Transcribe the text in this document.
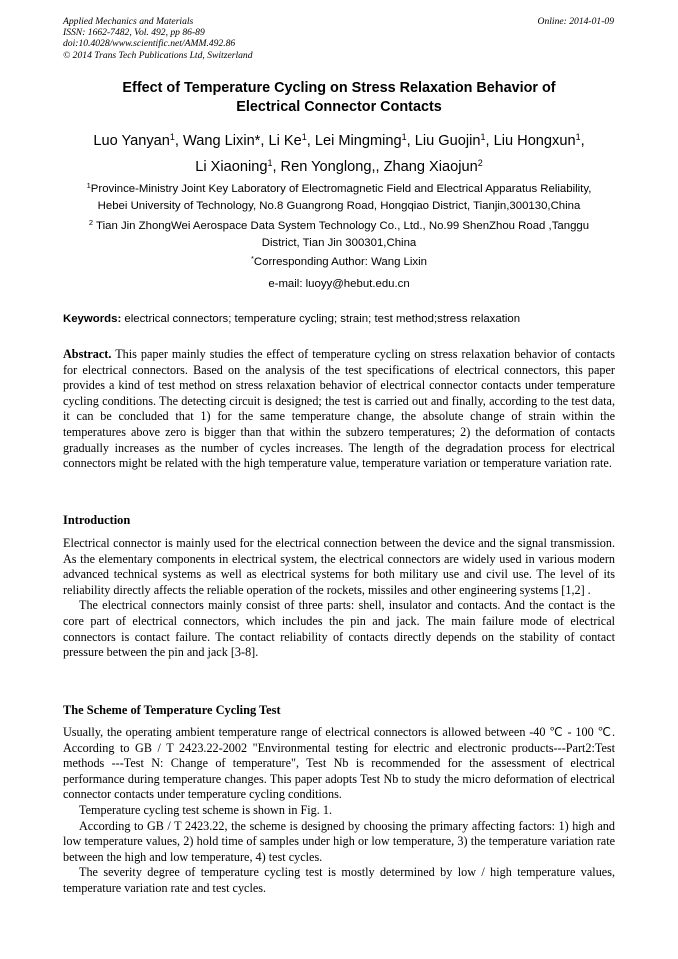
Applied Mechanics and Materials
ISSN: 1662-7482, Vol. 492, pp 86-89
doi:10.4028/www.scientific.net/AMM.492.86
© 2014 Trans Tech Publications Ltd, Switzerland
Online: 2014-01-09
Effect of Temperature Cycling on Stress Relaxation Behavior of
Electrical Connector Contacts
Luo Yanyan$^1$, Wang Lixin*, Li Ke$^1$, Lei Mingming$^1$, Liu Guojin$^1$, Liu Hongxun$^1$,
Li Xiaoning$^1$, Ren Yonglong,, Zhang Xiaojun$^2$
$^1$Province-Ministry Joint Key Laboratory of Electromagnetic Field and Electrical Apparatus Reliability,
Hebei University of Technology, No.8 Guangrong Road, Hongqiao District, Tianjin,300130,China
$^2$ Tian Jin ZhongWei Aerospace Data System Technology Co., Ltd., No.99 ShenZhou Road ,Tanggu
District, Tian Jin 300301,China
*Corresponding Author: Wang Lixin
e-mail: luoyy@hebut.edu.cn
Keywords: electrical connectors; temperature cycling; strain; test method;stress relaxation

Abstract. This paper mainly studies the effect of temperature cycling on stress relaxation behavior of contacts for electrical connectors. Based on the analysis of the test specifications of electrical connectors, this paper provides a kind of test method on stress relaxation behavior of electrical connector contacts under temperature cycling conditions. The detecting circuit is designed; the test is carried out and finally, according to the test data, it can be concluded that 1) for the same temperature change, the absolute change of strain within the temperatures above zero is bigger than that within the subzero temperatures; 2) the deformation of contacts gradually increases as the number of cycles increases. The length of the degradation process for electrical connectors might be related with the high temperature value, temperature variation or temperature variation rate.

Introduction

Electrical connector is mainly used for the electrical connection between the device and the signal transmission. As the elementary components in electrical system, the electrical connectors are widely used in various modern advanced technical systems as well as electrical systems for both military use and civil use. The level of its reliability directly affects the reliable operation of the rockets, missiles and other engineering systems [1,2] .

The electrical connectors mainly consist of three parts: shell, insulator and contacts. And the contact is the core part of electrical connectors, which includes the pin and jack. The main failure mode of electrical connectors is contact failure. The contact reliability of contacts directly depends on the stability of contact pressure between the pin and jack [3-8].

The Scheme of Temperature Cycling Test

Usually, the operating ambient temperature range of electrical connectors is allowed between -40 ℃ - 100 ℃. According to GB / T 2423.22-2002 "Environmental testing for electric and electronic products---Part2:Test methods ---Test N: Change of temperature", Test Nb is recommended for the assessment of electrical performance during temperature changes. This paper adopts Test Nb to study the micro deformation of electrical connector contacts under temperature cycling conditions.

Temperature cycling test scheme is shown in Fig. 1.

According to GB / T 2423.22, the scheme is designed by choosing the primary affecting factors: 1) high and low temperature values, 2) hold time of samples under high or low temperature, 3) the temperature variation rate between the high and low temperature, 4) test cycles.

The severity degree of temperature cycling test is mostly determined by low / high temperature values, temperature variation rate and test cycles.
